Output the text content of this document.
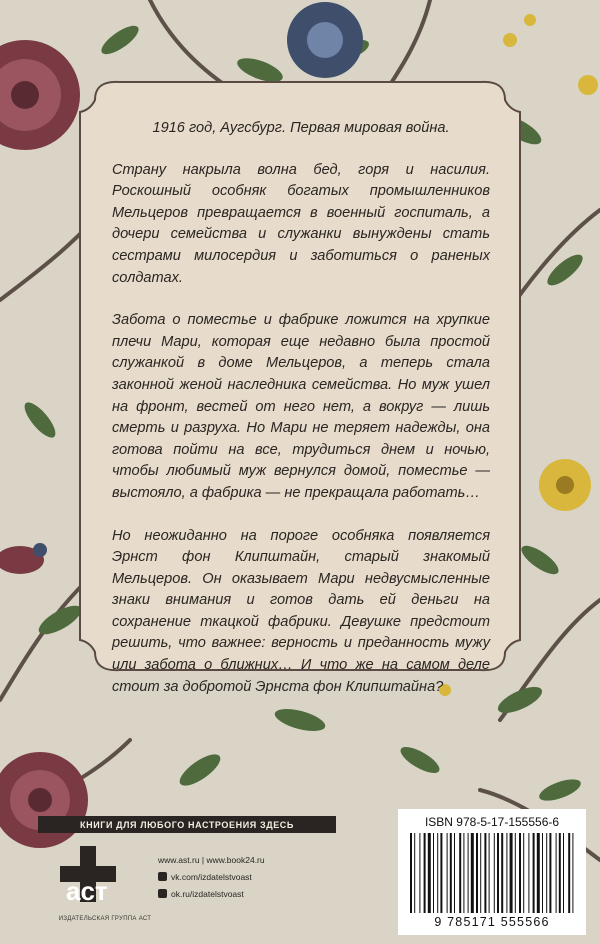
1916 год, Аугсбург. Первая мировая война.

Страну накрыла волна бед, горя и насилия. Роскошный особняк богатых промышленников Мельцеров превращается в военный госпиталь, а дочери семейства и служанки вынуждены стать сестрами милосердия и заботиться о раненых солдатах.

Забота о поместье и фабрике ложится на хрупкие плечи Мари, которая еще недавно была простой служанкой в доме Мельцеров, а теперь стала законной женой наследника семейства. Но муж ушел на фронт, вестей от него нет, а вокруг — лишь смерть и разруха. Но Мари не теряет надежды, она готова пойти на все, трудиться днем и ночью, чтобы любимый муж вернулся домой, поместье — выстояло, а фабрика — не прекращала работать…

Но неожиданно на пороге особняка появляется Эрнст фон Клипштайн, старый знакомый Мельцеров. Он оказывает Мари недвусмысленные знаки внимания и готов дать ей деньги на сохранение ткацкой фабрики. Девушке предстоит решить, что важнее: верность и преданность мужу или забота о ближних… И что же на самом деле стоит за добротой Эрнста фон Клипштайна?

КНИГИ ДЛЯ ЛЮБОГО НАСТРОЕНИЯ ЗДЕСЬ
aст
ИЗДАТЕЛЬСКАЯ ГРУППА АСТ
www.ast.ru | www.book24.ru
vk.com/izdatelstvoast
ok.ru/izdatelstvoast
ISBN 978-5-17-155556-6
9 785171 555566
